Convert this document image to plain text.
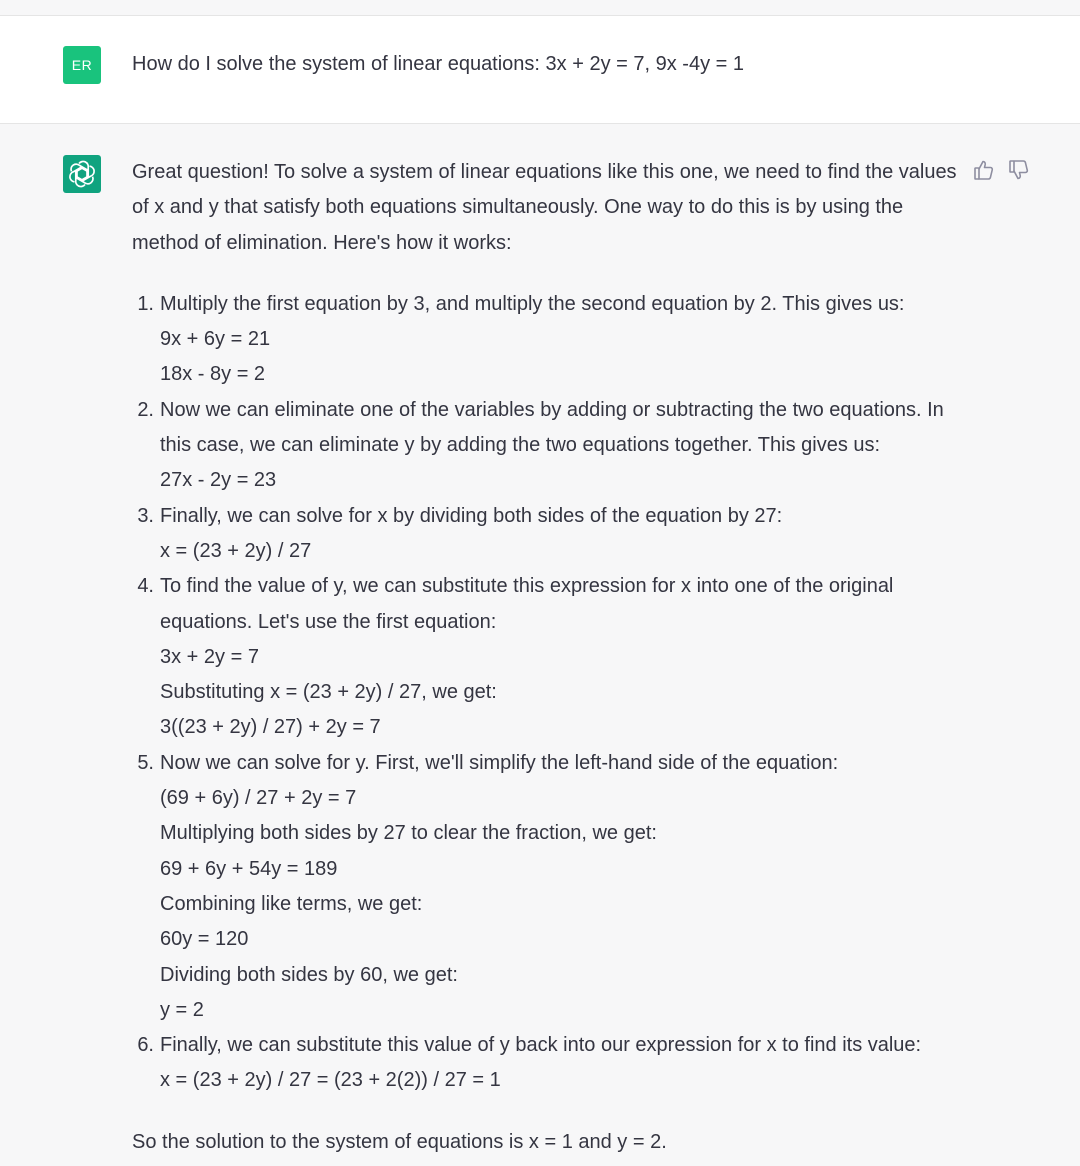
ER	How do I solve the system of linear equations: 3x + 2y = 7, 9x -4y = 1

Great question! To solve a system of linear equations like this one, we need to find the values of x and y that satisfy both equations simultaneously. One way to do this is by using the method of elimination. Here's how it works:

1. Multiply the first equation by 3, and multiply the second equation by 2. This gives us:
9x + 6y = 21
18x - 8y = 2
2. Now we can eliminate one of the variables by adding or subtracting the two equations. In this case, we can eliminate y by adding the two equations together. This gives us:
27x - 2y = 23
3. Finally, we can solve for x by dividing both sides of the equation by 27:
x = (23 + 2y) / 27
4. To find the value of y, we can substitute this expression for x into one of the original equations. Let's use the first equation:
3x + 2y = 7
Substituting x = (23 + 2y) / 27, we get:
3((23 + 2y) / 27) + 2y = 7
5. Now we can solve for y. First, we'll simplify the left-hand side of the equation:
(69 + 6y) / 27 + 2y = 7
Multiplying both sides by 27 to clear the fraction, we get:
69 + 6y + 54y = 189
Combining like terms, we get:
60y = 120
Dividing both sides by 60, we get:
y = 2
6. Finally, we can substitute this value of y back into our expression for x to find its value:
x = (23 + 2y) / 27 = (23 + 2(2)) / 27 = 1

So the solution to the system of equations is x = 1 and y = 2.
